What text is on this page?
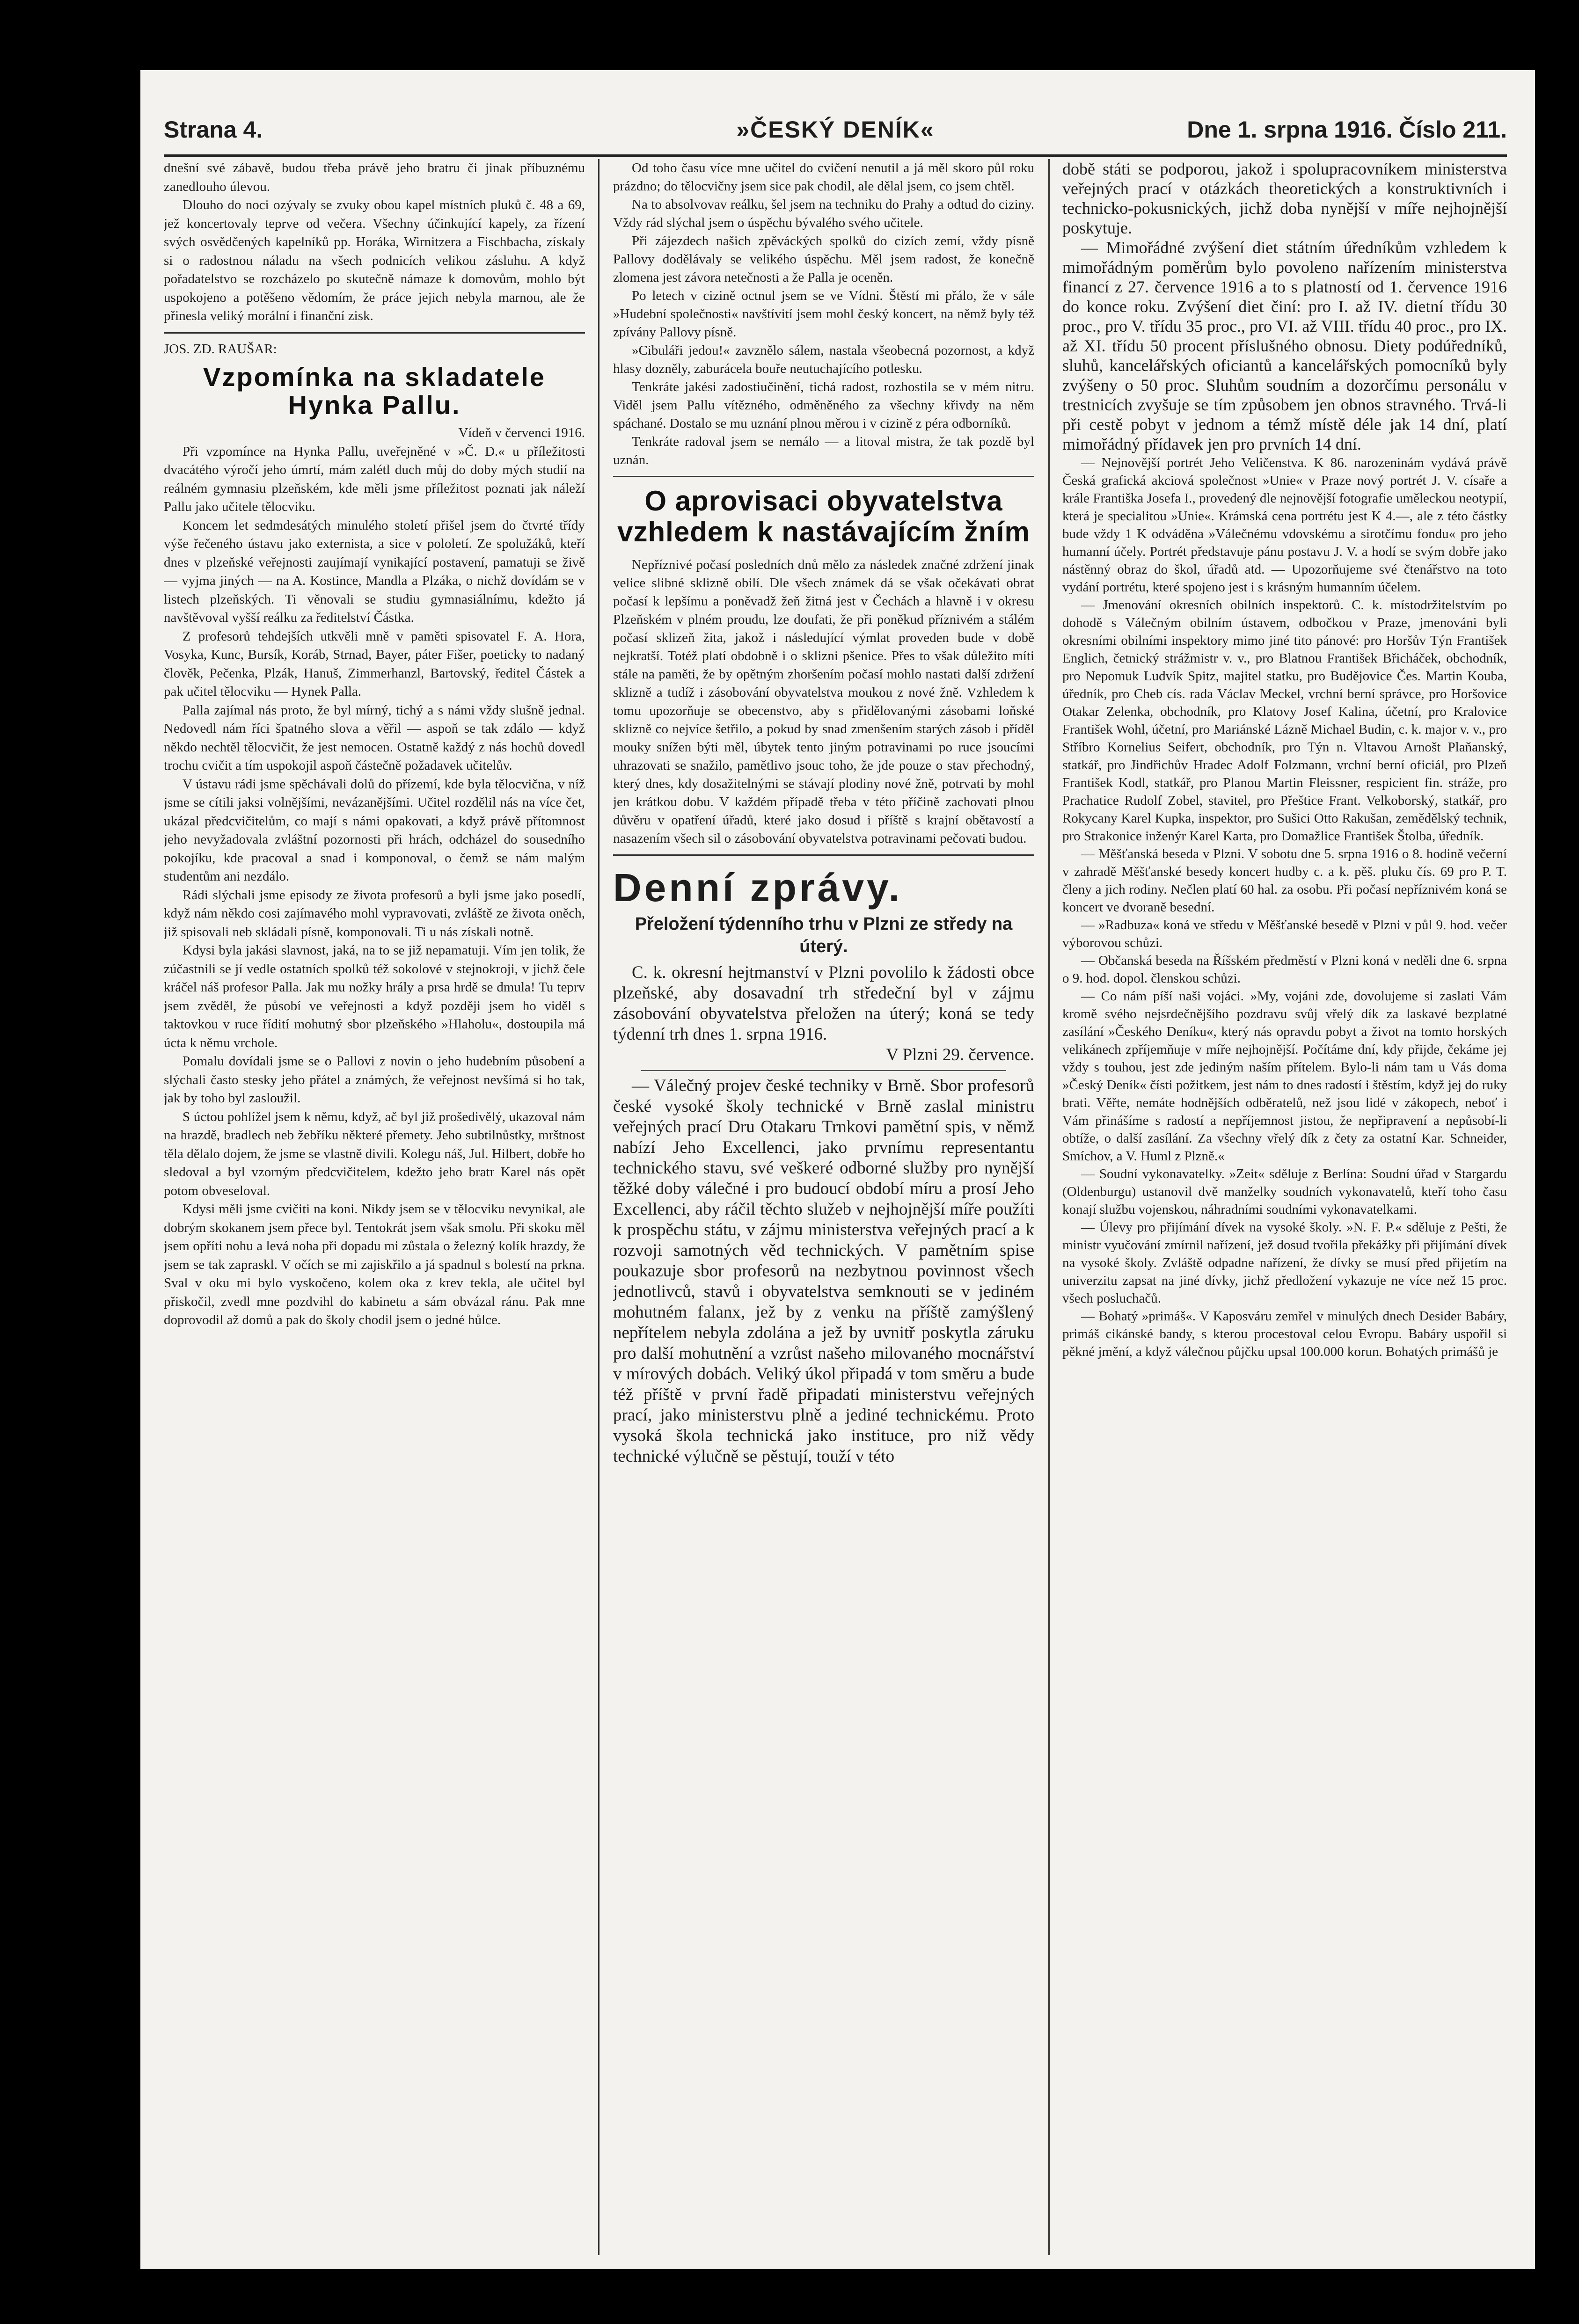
Strana 4.	»ČESKÝ DENÍK«	Dne 1. srpna 1916. Číslo 211.

dnešní své zábavě, budou třeba právě jeho bratru či jinak příbuznému zanedlouho úlevou.

Dlouho do noci ozývaly se zvuky obou kapel místních pluků č. 48 a 69, jež koncertovaly teprve od večera. Všechny účinkující kapely, za řízení svých osvědčených kapelníků pp. Horáka, Wirnitzera a Fischbacha, získaly si o radostnou náladu na všech podnicích velikou zásluhu. A když pořadatelstvo se rozcházelo po skutečně námaze k domovům, mohlo být uspokojeno a potěšeno vědomím, že práce jejich nebyla marnou, ale že přinesla veliký morální i finanční zisk.

JOS. ZD. RAUŠAR:

Vzpomínka na skladatele Hynka Pallu.

Vídeň v červenci 1916.

Při vzpomínce na Hynka Pallu, uveřejněné v »Č. D.« u příležitosti dvacátého výročí jeho úmrtí, mám zalétl duch můj do doby mých studií na reálném gymnasiu plzeňském, kde měli jsme příležitost poznati jak náleží Pallu jako učitele tělocviku.

Koncem let sedmdesátých minulého století přišel jsem do čtvrté třídy výše řečeného ústavu jako externista, a sice v pololetí. Ze spolužáků, kteří dnes v plzeňské veřejnosti zaujímají vynikající postavení, pamatuji se živě — vyjma jiných — na A. Kostince, Mandla a Plzáka, o nichž dovídám se v listech plzeňských. Ti věnovali se studiu gymnasiálnímu, kdežto já navštěvoval vyšší reálku za ředitelství Částka.

Z profesorů tehdejších utkvěli mně v paměti spisovatel F. A. Hora, Vosyka, Kunc, Bursík, Koráb, Strnad, Bayer, páter Fišer, poeticky to nadaný člověk, Pečenka, Plzák, Hanuš, Zimmerhanzl, Bartovský, ředitel Částek a pak učitel tělocviku — Hynek Palla.

Palla zajímal nás proto, že byl mírný, tichý a s námi vždy slušně jednal. Nedovedl nám říci špatného slova a věřil — aspoň se tak zdálo — když někdo nechtěl tělocvičit, že jest nemocen. Ostatně každý z nás hochů dovedl trochu cvičit a tím uspokojil aspoň částečně požadavek učitelův.

V ústavu rádi jsme spěchávali dolů do přízemí, kde byla tělocvična, v níž jsme se cítili jaksi volnějšími, nevázanějšími. Učitel rozdělil nás na více čet, ukázal předcvičitelům, co mají s námi opakovati, a když právě přítomnost jeho nevyžadovala zvláštní pozornosti při hrách, odcházel do sousedního pokojíku, kde pracoval a snad i komponoval, o čemž se nám malým studentům ani nezdálo.

Rádi slýchali jsme episody ze života profesorů a byli jsme jako posedlí, když nám někdo cosi zajímavého mohl vypravovati, zvláště ze života oněch, již spisovali neb skládali písně, komponovali. Ti u nás získali notně.

Kdysi byla jakási slavnost, jaká, na to se již nepamatuji. Vím jen tolik, že zúčastnili se jí vedle ostatních spolků též sokolové v stejnokroji, v jichž čele kráčel náš profesor Palla. Jak mu nožky hrály a prsa hrdě se dmula! Tu teprv jsem zvěděl, že působí ve veřejnosti a když později jsem ho viděl s taktovkou v ruce řídití mohutný sbor plzeňského »Hlaholu«, dostoupila má úcta k němu vrchole.

Pomalu dovídali jsme se o Pallovi z novin o jeho hudebním působení a slýchali často stesky jeho přátel a známých, že veřejnost nevšímá si ho tak, jak by toho byl zasloužil.

S úctou pohlížel jsem k němu, když, ač byl již prošedivělý, ukazoval nám na hrazdě, bradlech neb žebříku některé přemety. Jeho subtilnůstky, mrštnost těla dělalo dojem, že jsme se vlastně divili. Kolegu náš, Jul. Hilbert, dobře ho sledoval a byl vzorným předcvičitelem, kdežto jeho bratr Karel nás opět potom obveseloval.

Kdysi měli jsme cvičiti na koni. Nikdy jsem se v tělocviku nevynikal, ale dobrým skokanem jsem přece byl. Tentokrát jsem však smolu. Při skoku měl jsem opříti nohu a levá noha při dopadu mi zůstala o železný kolík hrazdy, že jsem se tak zapraskl. V očích se mi zajiskřilo a já spadnul s bolestí na prkna. Sval v oku mi bylo vyskočeno, kolem oka z krev tekla, ale učitel byl přiskočil, zvedl mne pozdvihl do kabinetu a sám obvázal ránu. Pak mne doprovodil až domů a pak do školy chodil jsem o jedné hůlce.

Od toho času více mne učitel do cvičení nenutil a já měl skoro půl roku prázdno; do tělocvičny jsem sice pak chodil, ale dělal jsem, co jsem chtěl.

Na to absolvovav reálku, šel jsem na techniku do Prahy a odtud do ciziny. Vždy rád slýchal jsem o úspěchu bývalého svého učitele.

Při zájezdech našich zpěváckých spolků do cizích zemí, vždy písně Pallovy dodělávaly se velikého úspěchu. Měl jsem radost, že konečně zlomena jest závora netečnosti a že Palla je oceněn.

Po letech v cizině octnul jsem se ve Vídni. Štěstí mi přálo, že v sále »Hudební společnosti« navštívití jsem mohl český koncert, na němž byly též zpívány Pallovy písně.

»Cibuláři jedou!« zavznělo sálem, nastala všeobecná pozornost, a když hlasy dozněly, zaburácela bouře neutuchajícího potlesku.

Tenkráte jakési zadostiučinění, tichá radost, rozhostila se v mém nitru. Viděl jsem Pallu vítězného, odměněného za všechny křivdy na něm spáchané. Dostalo se mu uznání plnou měrou i v cizině z péra odborníků.

Tenkráte radoval jsem se nemálo — a litoval mistra, že tak pozdě byl uznán.

O aprovisaci obyvatelstva vzhledem k nastávajícím žním

Nepříznivé počasí posledních dnů mělo za následek značné zdržení jinak velice slibné sklizně obilí. Dle všech známek dá se však očekávati obrat počasí k lepšímu a poněvadž žeň žitná jest v Čechách a hlavně i v okresu Plzeňském v plném proudu, lze doufati, že při poněkud příznivém a stálém počasí sklizeň žita, jakož i následující výmlat proveden bude v době nejkratší. Totéž platí obdobně i o sklizni pšenice. Přes to však důležito míti stále na paměti, že by opětným zhoršením počasí mohlo nastati další zdržení sklizně a tudíž i zásobování obyvatelstva moukou z nové žně. Vzhledem k tomu upozorňuje se obecenstvo, aby s přidělovanými zásobami loňské sklizně co nejvíce šetřilo, a pokud by snad zmenšením starých zásob i příděl mouky snížen býti měl, úbytek tento jiným potravinami po ruce jsoucími uhrazovati se snažilo, pamětlivo jsouc toho, že jde pouze o stav přechodný, který dnes, kdy dosažitelnými se stávají plodiny nové žně, potrvati by mohl jen krátkou dobu. V každém případě třeba v této příčině zachovati plnou důvěru v opatření úřadů, které jako dosud i příště s krajní obětavostí a nasazením všech sil o zásobování obyvatelstva potravinami pečovati budou.

Denní zprávy.
Přeložení týdenního trhu v Plzni ze středy na úterý.

C. k. okresní hejtmanství v Plzni povolilo k žádosti obce plzeňské, aby dosavadní trh středeční byl v zájmu zásobování obyvatelstva přeložen na úterý; koná se tedy týdenní trh dnes 1. srpna 1916.

V Plzni 29. července.

— Válečný projev české techniky v Brně. Sbor profesorů české vysoké školy technické v Brně zaslal ministru veřejných prací Dru Otakaru Trnkovi pamětní spis, v němž nabízí Jeho Excellenci, jako prvnímu representantu technického stavu, své veškeré odborné služby pro nynější těžké doby válečné i pro budoucí období míru a prosí Jeho Excellenci, aby ráčil těchto služeb v nejhojnější míře použíti k prospěchu státu, v zájmu ministerstva veřejných prací a k rozvoji samotných věd technických. V pamětním spise poukazuje sbor profesorů na nezbytnou povinnost všech jednotlivců, stavů i obyvatelstva semknouti se v jediném mohutném falanx, jež by z venku na příště zamýšlený nepřítelem nebyla zdolána a jež by uvnitř poskytla záruku pro další mohutnění a vzrůst našeho milovaného mocnářství v mírových dobách. Veliký úkol připadá v tom směru a bude též příště v první řadě připadati ministerstvu veřejných prací, jako ministerstvu plně a jediné technickému. Proto vysoká škola technická jako instituce, pro niž vědy technické výlučně se pěstují, touží v této

době státi se podporou, jakož i spolupracovníkem ministerstva veřejných prací v otázkách theoretických a konstruktivních i technicko-pokusnických, jichž doba nynější v míře nejhojnější poskytuje.

— Mimořádné zvýšení diet státním úředníkům vzhledem k mimořádným poměrům bylo povoleno nařízením ministerstva financí z 27. července 1916 a to s platností od 1. července 1916 do konce roku. Zvýšení diet činí: pro I. až IV. dietní třídu 30 proc., pro V. třídu 35 proc., pro VI. až VIII. třídu 40 proc., pro IX. až XI. třídu 50 procent příslušného obnosu. Diety podúředníků, sluhů, kancelářských oficiantů a kancelářských pomocníků byly zvýšeny o 50 proc. Sluhům soudním a dozorčímu personálu v trestnicích zvyšuje se tím způsobem jen obnos stravného. Trvá-li při cestě pobyt v jednom a témž místě déle jak 14 dní, platí mimořádný přídavek jen pro prvních 14 dní.

— Nejnovější portrét Jeho Veličenstva. K 86. narozeninám vydává právě Česká grafická akciová společnost »Unie« v Praze nový portrét J. V. císaře a krále Františka Josefa I., provedený dle nejnovější fotografie uměleckou neotypií, která je specialitou »Unie«. Krámská cena portrétu jest K 4.—, ale z této částky bude vždy 1 K odváděna »Válečnému vdovskému a sirotčímu fondu« pro jeho humanní účely. Portrét představuje pánu postavu J. V. a hodí se svým dobře jako nástěnný obraz do škol, úřadů atd. — Upozorňujeme své čtenářstvo na toto vydání portrétu, které spojeno jest i s krásným humanním účelem.

— Jmenování okresních obilních inspektorů. C. k. místodržitelstvím po dohodě s Válečným obilním ústavem, odbočkou v Praze, jmenováni byli okresními obilními inspektory mimo jiné tito pánové: pro Horšův Týn František Englich, četnický strážmistr v. v., pro Blatnou František Břicháček, obchodník, pro Nepomuk Ludvík Spitz, majitel statku, pro Budějovice Čes. Martin Kouba, úředník, pro Cheb cís. rada Václav Meckel, vrchní berní správce, pro Horšovice Otakar Zelenka, obchodník, pro Klatovy Josef Kalina, účetní, pro Kralovice František Wohl, účetní, pro Mariánské Lázně Michael Budin, c. k. major v. v., pro Stříbro Kornelius Seifert, obchodník, pro Týn n. Vltavou Arnošt Plaňanský, statkář, pro Jindřichův Hradec Adolf Folzmann, vrchní berní oficiál, pro Plzeň František Kodl, statkář, pro Planou Martin Fleissner, respicient fin. stráže, pro Prachatice Rudolf Zobel, stavitel, pro Přeštice Frant. Velkoborský, statkář, pro Rokycany Karel Kupka, inspektor, pro Sušici Otto Rakušan, zemědělský technik, pro Strakonice inženýr Karel Karta, pro Domažlice František Štolba, úředník.

— Měšťanská beseda v Plzni. V sobotu dne 5. srpna 1916 o 8. hodině večerní v zahradě Měšťanské besedy koncert hudby c. a k. pěš. pluku čís. 69 pro P. T. členy a jich rodiny. Nečlen platí 60 hal. za osobu. Při počasí nepříznivém koná se koncert ve dvoraně besední.

— »Radbuza« koná ve středu v Měšťanské besedě v Plzni v půl 9. hod. večer výborovou schůzi.

— Občanská beseda na Říšském předměstí v Plzni koná v neděli dne 6. srpna o 9. hod. dopol. členskou schůzi.

— Co nám píší naši vojáci. »My, vojáni zde, dovolujeme si zaslati Vám kromě svého nejsrdečnějšího pozdravu svůj vřelý dík za laskavé bezplatné zasílání »Českého Deníku«, který nás opravdu pobyt a život na tomto horských velikánech zpříjemňuje v míře nejhojnější. Počítáme dní, kdy přijde, čekáme jej vždy s touhou, jest zde jediným naším přítelem. Bylo-li nám tam u Vás doma »Český Deník« čísti požitkem, jest nám to dnes radostí i štěstím, když jej do ruky brati. Věřte, nemáte hodnějších odběratelů, než jsou lidé v zákopech, neboť i Vám přinášíme s radostí a nepříjemnost jistou, že nepřipravení a nepůsobí-li obtíže, o další zasílání. Za všechny vřelý dík z čety za ostatní Kar. Schneider, Smíchov, a V. Huml z Plzně.«

— Soudní vykonavatelky. »Zeit« sděluje z Berlína: Soudní úřad v Stargardu (Oldenburgu) ustanovil dvě manželky soudních vykonavatelů, kteří toho času konají službu vojenskou, náhradními soudními vykonavatelkami.

— Úlevy pro přijímání dívek na vysoké školy. »N. F. P.« sděluje z Pešti, že ministr vyučování zmírnil nařízení, jež dosud tvořila překážky při přijímání dívek na vysoké školy. Zvláště odpadne nařízení, že dívky se musí před přijetím na univerzitu zapsat na jiné dívky, jichž předložení vykazuje ne více než 15 proc. všech posluchačů.

— Bohatý »primáš«. V Kaposváru zemřel v minulých dnech Desider Babáry, primáš cikánské bandy, s kterou procestoval celou Evropu. Babáry uspořil si pěkné jmění, a když válečnou půjčku upsal 100.000 korun. Bohatých primášů je
